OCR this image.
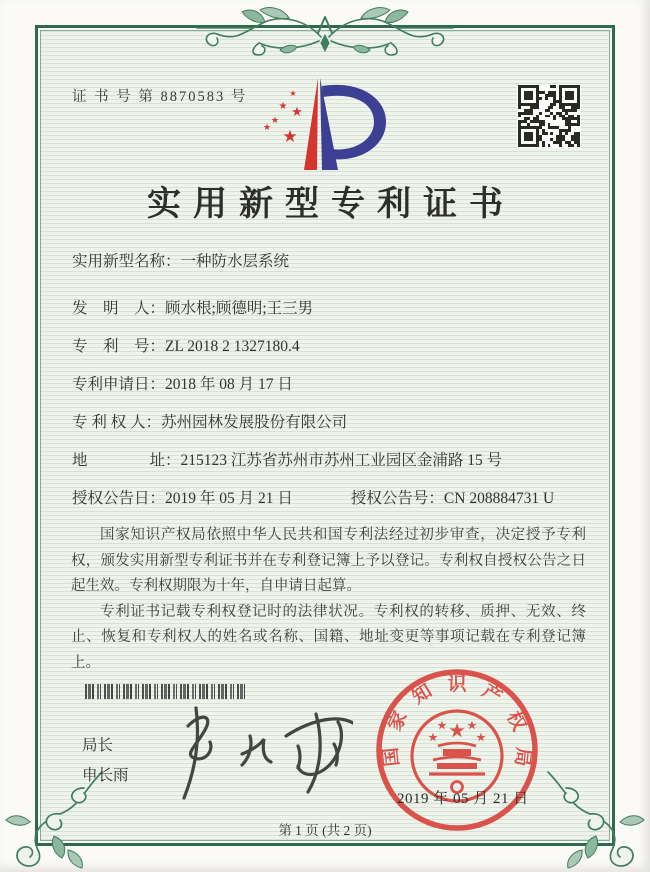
证 书 号 第 8870583 号	★
★ ★
★
★ ★
实用新型专利证书
实用新型名称：一种防水层系统
发　明　人：顾水根;顾德明;王三男
专　利　号：ZL 2018 2 1327180.4
专利申请日：2018 年 08 月 17 日
专 利 权 人：苏州园林发展股份有限公司
地　　　　址：215123 江苏省苏州市苏州工业园区金浦路 15 号
授权公告日：2019 年 05 月 21 日	授权公告号：CN 208884731 U

国家知识产权局依照中华人民共和国专利法经过初步审查，决定授予专利权，颁发实用新型专利证书并在专利登记簿上予以登记。专利权自授权公告之日起生效。专利权期限为十年，自申请日起算。

专利证书记载专利权登记时的法律状况。专利权的转移、质押、无效、终止、恢复和专利权人的姓名或名称、国籍、地址变更等事项记载在专利登记簿上。

局长
申长雨
国
家
知 识 产
权
局
★
★	★
★	★
2019 年 05 月 21 日
第 1 页 (共 2 页)
